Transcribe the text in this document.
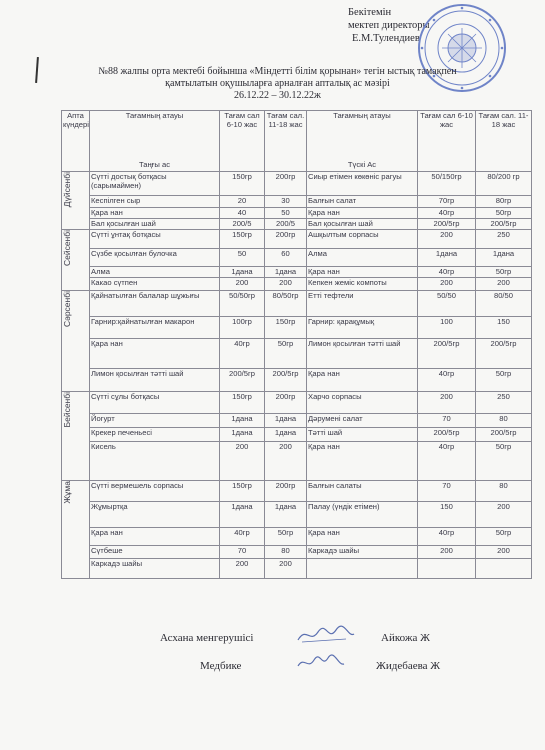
Бекітемін
мектеп директоры
Е.М.Тулендиев
№88 жалпы орта мектебі бойынша «Міндетті білім қорынан» тегін ыстық тамақпен
қамтылатын оқушыларға арналған апталық ас мәзірі
26.12.22 – 30.12.22ж
Апта күндері	Тағамның атауы
Таңғы ас	Тағам сал 6-10 жас	Тағам сал. 11-18 жас	Тағамның атауы
Түскі Ас	Тағам сал 6-10 жас	Тағам сал. 11-18 жас

Дүйсенбі	Сүтті достық ботқасы (сарымаймен)	150гр	200гр	Сиыр етімен көкөніс рагуы	50/150гр	80/200 гр
	Кеспілген сыр	20	30	Балғын салат	70гр	80гр
	Қара нан	40	50	Қара нан	40гр	50гр
	Бал қосылған шай	200/5	200/5	Бал қосылған шай	200/5гр	200/5гр

Сейсенбі	Сүтті ұнтақ ботқасы	150гр	200гр	Ашқылтым сорпасы	200	250
	Сүзбе қосылған булочка	50	60	Алма	1дана	1дана
	Алма	1дана	1дана	Қара нан	40гр	50гр
	Какао сүтпен	200	200	Кепкен жеміс компоты	200	200

Сәрсенбі	Қайнатылған балалар шұжығы	50/50гр	80/50гр	Етті тефтели	50/50	80/50
	Гарнир:қайнатылған макарон	100гр	150гр	Гарнир: қарақұмық	100	150
	Қара нан	40гр	50гр	Лимон қосылған тәтті шай	200/5гр	200/5гр
	Лимон қосылған тәтті шай	200/5гр	200/5гр	Қара нан	40гр	50гр

Бейсенбі	Сүтті сұлы ботқасы	150гр	200гр	Харчо сорпасы	200	250
	Йогурт	1дана	1дана	Дәрумені салат	70	80
	Крекер печеньесі	1дана	1дана	Тәтті шай	200/5гр	200/5гр
	Кисель	200	200	Қара нан	40гр	50гр

Жұма	Сүтті вермешель сорпасы	150гр	200гр	Балғын салаты	70	80
	Жұмыртқа	1дана	1дана	Палау (үндік етімен)	150	200
	Қара нан	40гр	50гр	Қара нан	40гр	50гр
	Сүтбеше	70	80	Каркадэ шайы	200	200
	Каркадэ шайы	200	200			
Асхана менгерушісі	Айкожа Ж
Медбике	Жидебаева Ж
